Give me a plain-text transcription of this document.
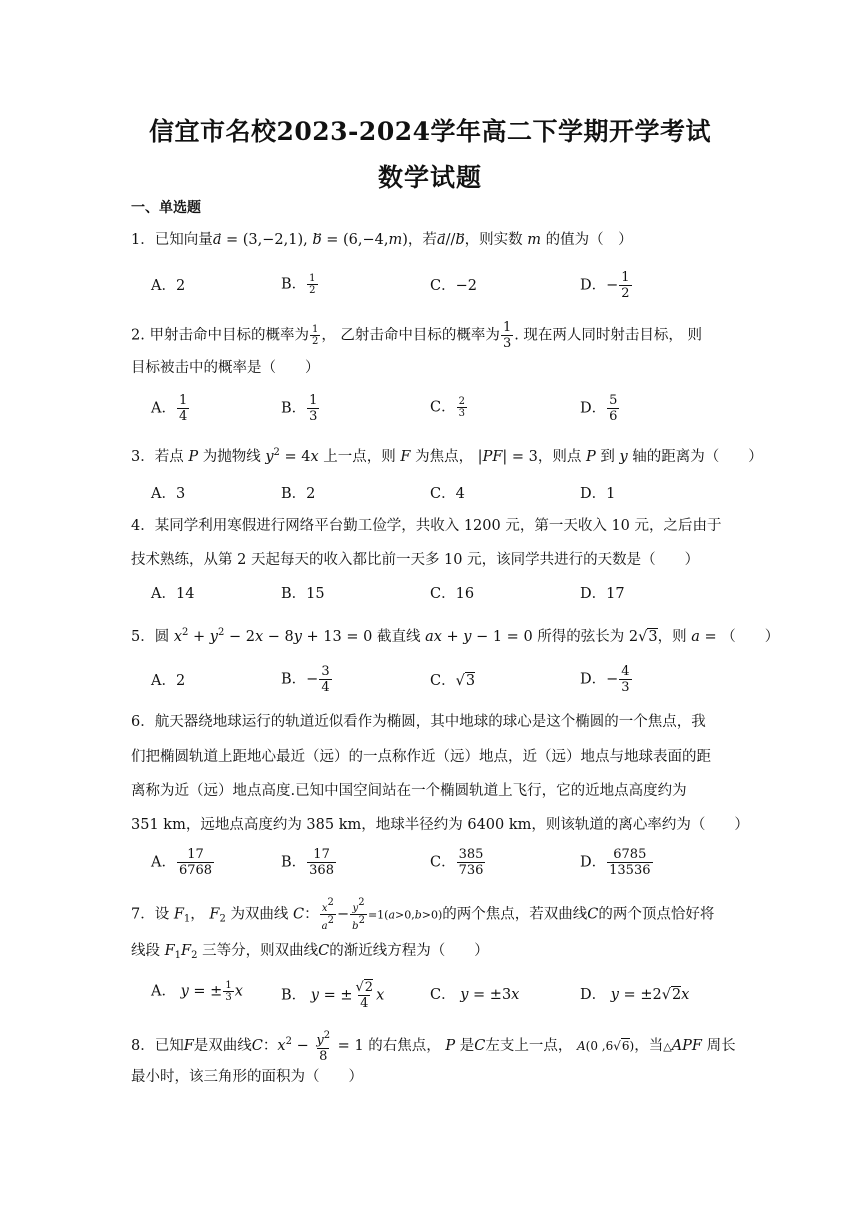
信宜市名校2023-2024学年高二下学期开学考试
数学试题
一、单选题
1．已知向量a = (3,−2,1), b = (6,−4,m)，若a⃗//b，则实数 m 的值为（　）
A．2	B． $\frac{1}{2}$	C．−2	D．− $\frac{1}{2}$
2. 甲射击命中目标的概率为 $\frac{1}{2}$ ， 乙射击命中目标的概率为 $\frac{1}{3}$ . 现在两人同时射击目标， 则
目标被击中的概率是（　　）
A． $\frac{1}{4}$	B． $\frac{1}{3}$	C． $\frac{2}{3}$	D． $\frac{5}{6}$
3．若点 P 为抛物线 $y^2 = 4x$ 上一点，则 F 为焦点， |PF| = 3，则点 P 到 y 轴的距离为（　　）
A．3	B．2	C．4	D．1
4．某同学利用寒假进行网络平台勤工俭学，共收入 1200 元，第一天收入 10 元，之后由于
技术熟练，从第 2 天起每天的收入都比前一天多 10 元，该同学共进行的天数是（　　）
A．14	B．15	C．16	D．17
5．圆 $x^2 + y^2 - 2x - 8y + 13 = 0$ 截直线 ax + y − 1 = 0 所得的弦长为 2√3，则 a = （　　）
A．2	B．− $\frac{3}{4}$	C．√3	D．− $\frac{4}{3}$
6．航天器绕地球运行的轨道近似看作为椭圆，其中地球的球心是这个椭圆的一个焦点，我
们把椭圆轨道上距地心最近（远）的一点称作近（远）地点，近（远）地点与地球表面的距
离称为近（远）地点高度.已知中国空间站在一个椭圆轨道上飞行，它的近地点高度约为
351 km，远地点高度约为 385 km，地球半径约为 6400 km，则该轨道的离心率约为（　　）
A． $\frac{17}{6768}$	B． $\frac{17}{368}$	C． $\frac{385}{736}$	D． $\frac{6785}{13536}$
7．设 $F_1$， $F_2$ 为双曲线 C： $\frac{x^2}{a^2} - \frac{y^2}{b^2} =1(a>0,b>0)$的两个焦点，若双曲线C的两个顶点恰好将
线段 $F_1F_2$ 三等分，则双曲线C的渐近线方程为（　　）
A． y = ± $\frac{1}{3}$ x	B． y = ± $\frac{√2}{4}$ x	C． y = ±3x	D． y = ±2√2x
8．已知F是双曲线C：$x^2 - \frac{y^2}{8} = 1$ 的右焦点， P 是C左支上一点， A(0 ,6√6)，当△APF 周长
最小时，该三角形的面积为（　　）
